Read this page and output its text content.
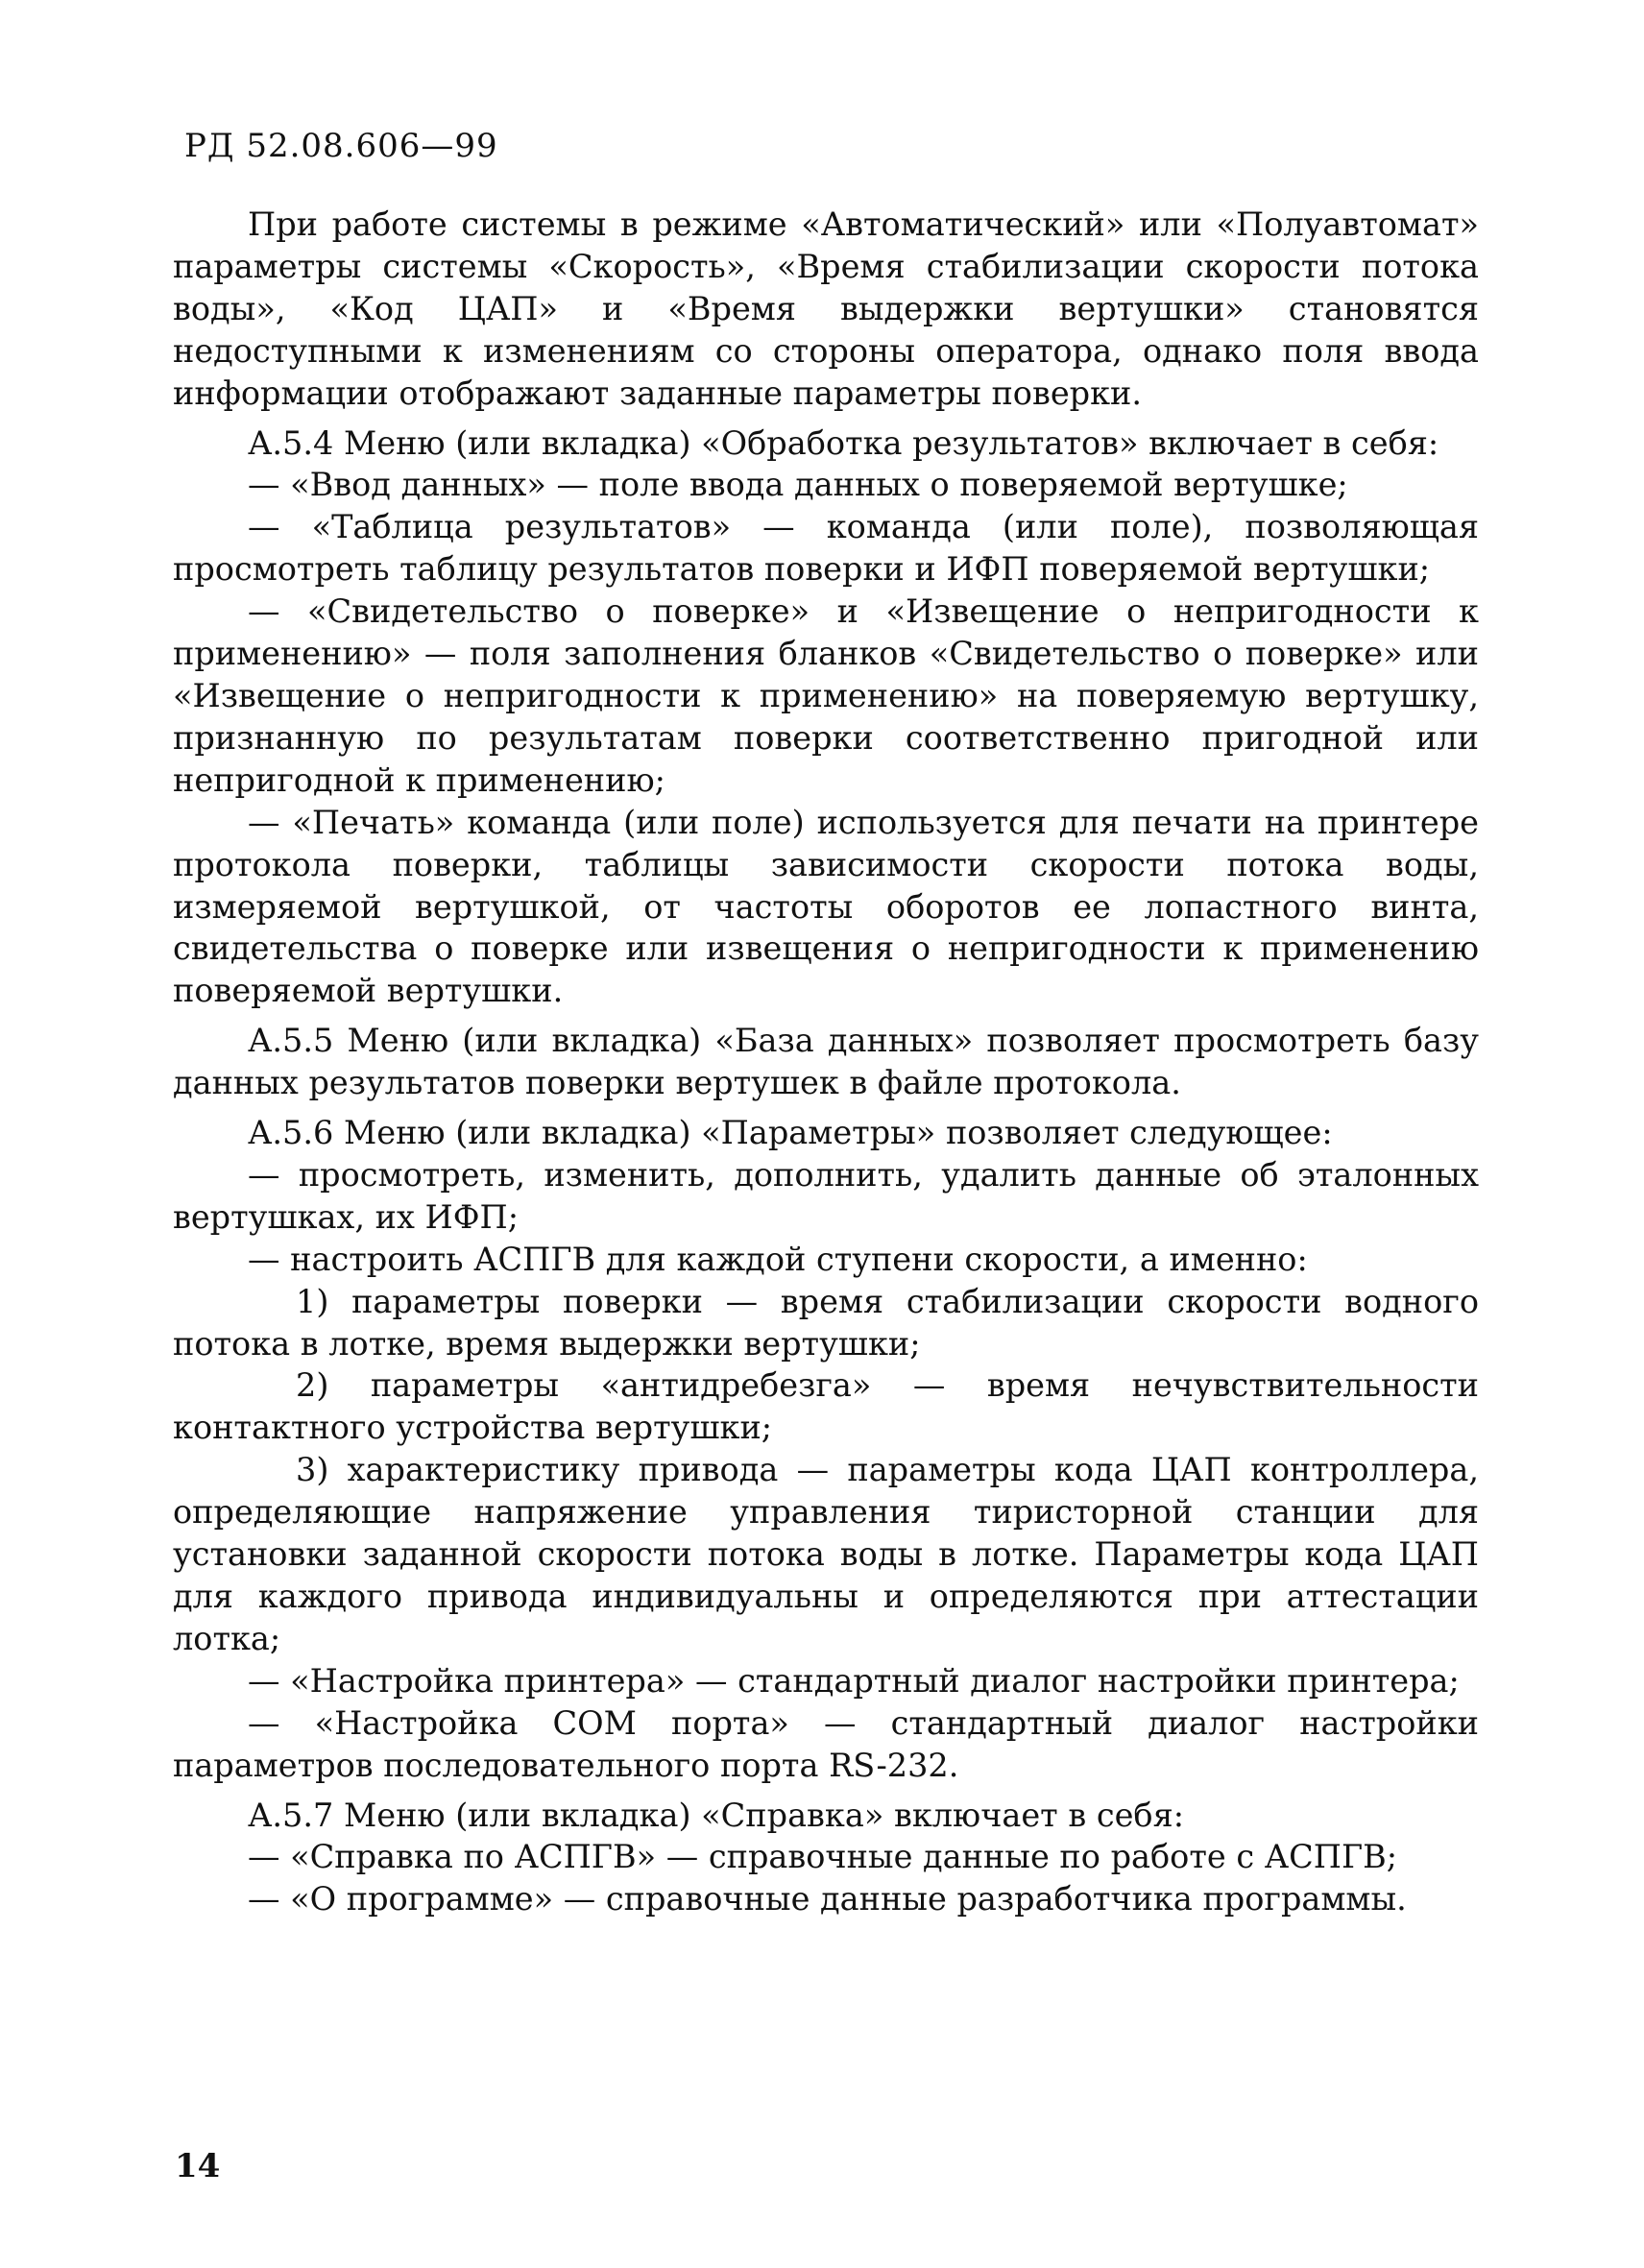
РД 52.08.606—99

При работе системы в режиме «Автоматический» или «Полуавтомат» параметры системы «Скорость», «Время стабилизации скорости потока воды», «Код ЦАП» и «Время выдержки вертушки» становятся недоступными к изменениям со стороны оператора, однако поля ввода информации отображают заданные параметры поверки.

А.5.4 Меню (или вкладка) «Обработка результатов» включает в себя:

— «Ввод данных» — поле ввода данных о поверяемой вертушке;

— «Таблица результатов» — команда (или поле), позволяющая просмотреть таблицу результатов поверки и ИФП поверяемой вертушки;

— «Свидетельство о поверке» и «Извещение о непригодности к применению» — поля заполнения бланков «Свидетельство о поверке» или «Извещение о непригодности к применению» на поверяемую вертушку, признанную по результатам поверки соответственно пригодной или непригодной к применению;

— «Печать» команда (или поле) используется для печати на принтере протокола поверки, таблицы зависимости скорости потока воды, измеряемой вертушкой, от частоты оборотов ее лопастного винта, свидетельства о поверке или извещения о непригодности к применению поверяемой вертушки.

А.5.5 Меню (или вкладка) «База данных» позволяет просмотреть базу данных результатов поверки вертушек в файле протокола.

А.5.6 Меню (или вкладка) «Параметры» позволяет следующее:

— просмотреть, изменить, дополнить, удалить данные об эталонных вертушках, их ИФП;

— настроить АСПГВ для каждой ступени скорости, а именно:

1) параметры поверки — время стабилизации скорости водного потока в лотке, время выдержки вертушки;

2) параметры «антидребезга» — время нечувствительности контактного устройства вертушки;

3) характеристику привода — параметры кода ЦАП контроллера, определяющие напряжение управления тиристорной станции для установки заданной скорости потока воды в лотке. Параметры кода ЦАП для каждого привода индивидуальны и определяются при аттестации лотка;

— «Настройка принтера» — стандартный диалог настройки принтера;

— «Настройка COM порта» — стандартный диалог настройки параметров последовательного порта RS-232.

А.5.7 Меню (или вкладка) «Справка» включает в себя:

— «Справка по АСПГВ» — справочные данные по работе с АСПГВ;

— «О программе» — справочные данные разработчика программы.

14
